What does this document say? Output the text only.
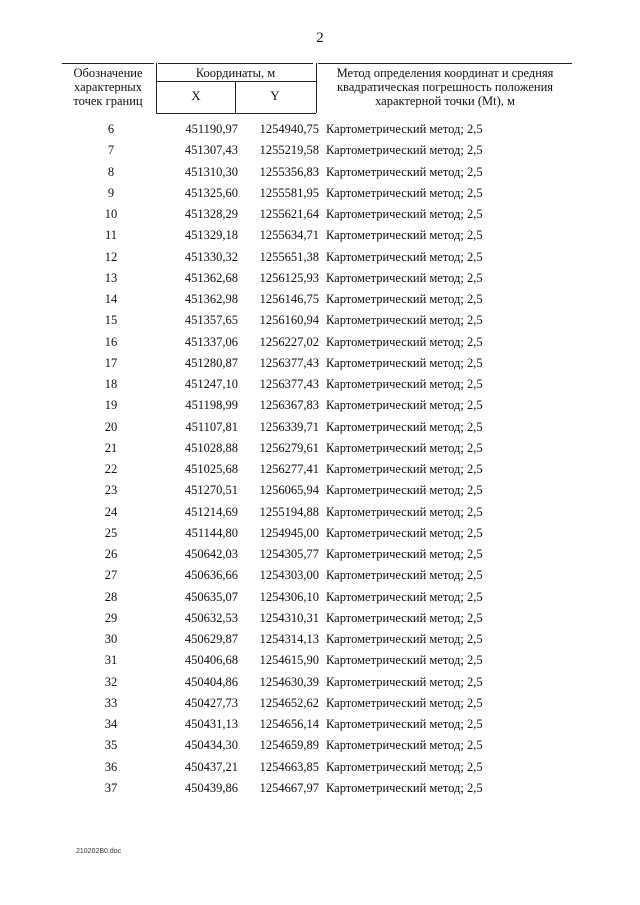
2
Обозначение характерных точек границ
Координаты, м
X	Y
Метод определения координат и средняя квадратическая погрешность положения характерной точки (Mt), м
6	451190,97	1254940,75 Картометрический метод; 2,5
7	451307,43	1255219,58 Картометрический метод; 2,5
8	451310,30	1255356,83 Картометрический метод; 2,5
9	451325,60	1255581,95 Картометрический метод; 2,5
10	451328,29	1255621,64 Картометрический метод; 2,5
11	451329,18	1255634,71 Картометрический метод; 2,5
12	451330,32	1255651,38 Картометрический метод; 2,5
13	451362,68	1256125,93 Картометрический метод; 2,5
14	451362,98	1256146,75 Картометрический метод; 2,5
15	451357,65	1256160,94 Картометрический метод; 2,5
16	451337,06	1256227,02 Картометрический метод; 2,5
17	451280,87	1256377,43 Картометрический метод; 2,5
18	451247,10	1256377,43 Картометрический метод; 2,5
19	451198,99	1256367,83 Картометрический метод; 2,5
20	451107,81	1256339,71 Картометрический метод; 2,5
21	451028,88	1256279,61 Картометрический метод; 2,5
22	451025,68	1256277,41 Картометрический метод; 2,5
23	451270,51	1256065,94 Картометрический метод; 2,5
24	451214,69	1255194,88 Картометрический метод; 2,5
25	451144,80	1254945,00 Картометрический метод; 2,5
26	450642,03	1254305,77 Картометрический метод; 2,5
27	450636,66	1254303,00 Картометрический метод; 2,5
28	450635,07	1254306,10 Картометрический метод; 2,5
29	450632,53	1254310,31 Картометрический метод; 2,5
30	450629,87	1254314,13 Картометрический метод; 2,5
31	450406,68	1254615,90 Картометрический метод; 2,5
32	450404,86	1254630,39 Картометрический метод; 2,5
33	450427,73	1254652,62 Картометрический метод; 2,5
34	450431,13	1254656,14 Картометрический метод; 2,5
35	450434,30	1254659,89 Картометрический метод; 2,5
36	450437,21	1254663,85 Картометрический метод; 2,5
37	450439,86	1254667,97 Картометрический метод; 2,5
210202B0.doc
